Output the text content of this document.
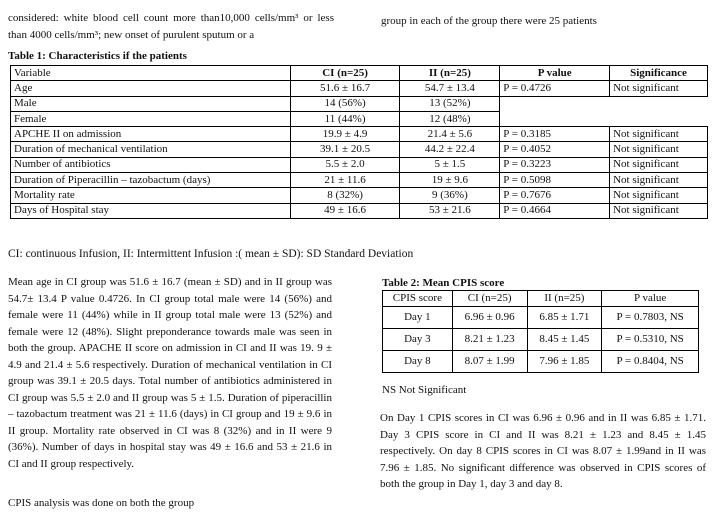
considered: white blood cell count more than10,000 cells/mm³ or less than 4000 cells/mm³; new onset of purulent sputum or a
group in each of the group there were 25 patients
Table 1: Characteristics if the patients
Variable	CI (n=25)	II (n=25)	P value	Significance
Age	51.6 ± 16.7	54.7 ± 13.4	P = 0.4726	Not significant
Male	14 (56%)	13 (52%)		
Female	11 (44%)	12 (48%)		
APCHE II on admission	19.9 ± 4.9	21.4 ± 5.6	P = 0.3185	Not significant
Duration of mechanical ventilation	39.1 ± 20.5	44.2 ± 22.4	P = 0.4052	Not significant
Number of antibiotics	5.5 ± 2.0	5 ± 1.5	P = 0.3223	Not significant
Duration of Piperacillin – tazobactum (days)	21 ± 11.6	19 ± 9.6	P = 0.5098	Not significant
Mortality rate	8 (32%)	9 (36%)	P = 0.7676	Not significant
Days of Hospital stay	49 ± 16.6	53 ± 21.6	P = 0.4664	Not significant
CI: continuous Infusion, II: Intermittent Infusion :( mean ± SD): SD Standard Deviation
Mean age in CI group was 51.6 ± 16.7 (mean ± SD) and in II group was 54.7± 13.4 P value 0.4726. In CI group total male were 14 (56%) and female were 11 (44%) while in II group total male were 13 (52%) and female were 12 (48%). Slight preponderance towards male was seen in both the group. APACHE II score on admission in CI and II was 19. 9 ± 4.9 and 21.4 ± 5.6 respectively. Duration of mechanical ventilation in CI group was 39.1 ± 20.5 days. Total number of antibiotics administered in CI group was 5.5 ± 2.0 and II group was 5 ± 1.5. Duration of piperacillin – tazobactum treatment was 21 ± 11.6 (days) in CI group and 19 ± 9.6 in II group. Mortality rate observed in CI was 8 (32%) and in II were 9 (36%). Number of days in hospital stay was 49 ± 16.6 and 53 ± 21.6 in CI and II group respectively.
CPIS analysis was done on both the group
Table 2: Mean CPIS score
CPIS score	CI (n=25)	II (n=25)	P value
Day 1	6.96 ± 0.96	6.85 ± 1.71	P = 0.7803, NS
Day 3	8.21 ± 1.23	8.45 ± 1.45	P = 0.5310, NS
Day 8	8.07 ± 1.99	7.96 ± 1.85	P = 0.8404, NS
NS Not Significant
On Day 1 CPIS scores in CI was 6.96 ± 0.96 and in II was 6.85 ± 1.71. Day 3 CPIS score in CI and II was 8.21 ± 1.23 and 8.45 ± 1.45 respectively. On day 8 CPIS scores in CI was 8.07 ± 1.99and in II was 7.96 ± 1.85. No significant difference was observed in CPIS scores of both the group in Day 1, day 3 and day 8.
